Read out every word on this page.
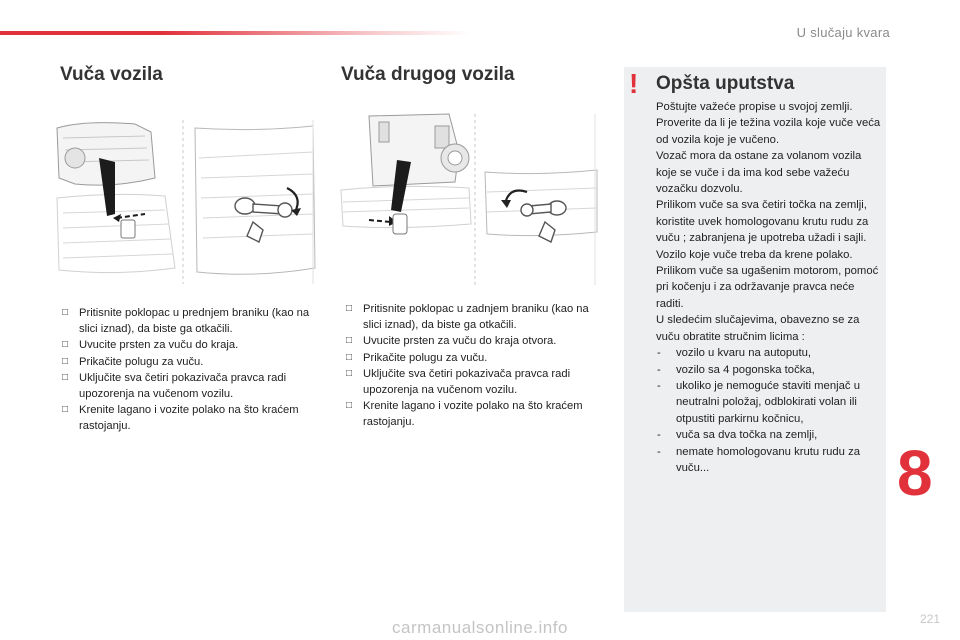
U slučaju kvara
Vuča vozila	Vuča drugog vozila
□ Pritisnite poklopac u prednjem braniku (kao na slici iznad), da biste ga otkačili.
□ Uvucite prsten za vuču do kraja.
□ Prikačite polugu za vuču.
□ Uključite sva četiri pokazivača pravca radi upozorenja na vučenom vozilu.
□ Krenite lagano i vozite polako na što kraćem rastojanju.
□ Pritisnite poklopac u zadnjem braniku (kao na slici iznad), da biste ga otkačili.
□ Uvucite prsten za vuču do kraja otvora.
□ Prikačite polugu za vuču.
□ Uključite sva četiri pokazivača pravca radi upozorenja na vučenom vozilu.
□ Krenite lagano i vozite polako na što kraćem rastojanju.
! Opšta uputstva

Poštujte važeće propise u svojoj zemlji.

Proverite da li je težina vozila koje vuče veća od vozila koje je vučeno.

Vozač mora da ostane za volanom vozila koje se vuče i da ima kod sebe važeću vozačku dozvolu.

Prilikom vuče sa sva četiri točka na zemlji, koristite uvek homologovanu krutu rudu za vuču ; zabranjena je upotreba užadi i sajli.

Vozilo koje vuče treba da krene polako.

Prilikom vuče sa ugašenim motorom, pomoć pri kočenju i za održavanje pravca neće raditi.

U sledećim slučajevima, obavezno se za vuču obratite stručnim licima :

- vozilo u kvaru na autoputu,
- vozilo sa 4 pogonska točka,
- ukoliko je nemoguće staviti menjač u neutralni položaj, odblokirati volan ili otpustiti parkirnu kočnicu,
- vuča sa dva točka na zemlji,
- nemate homologovanu krutu rudu za vuču...	8
221
carmanualsonline.info
